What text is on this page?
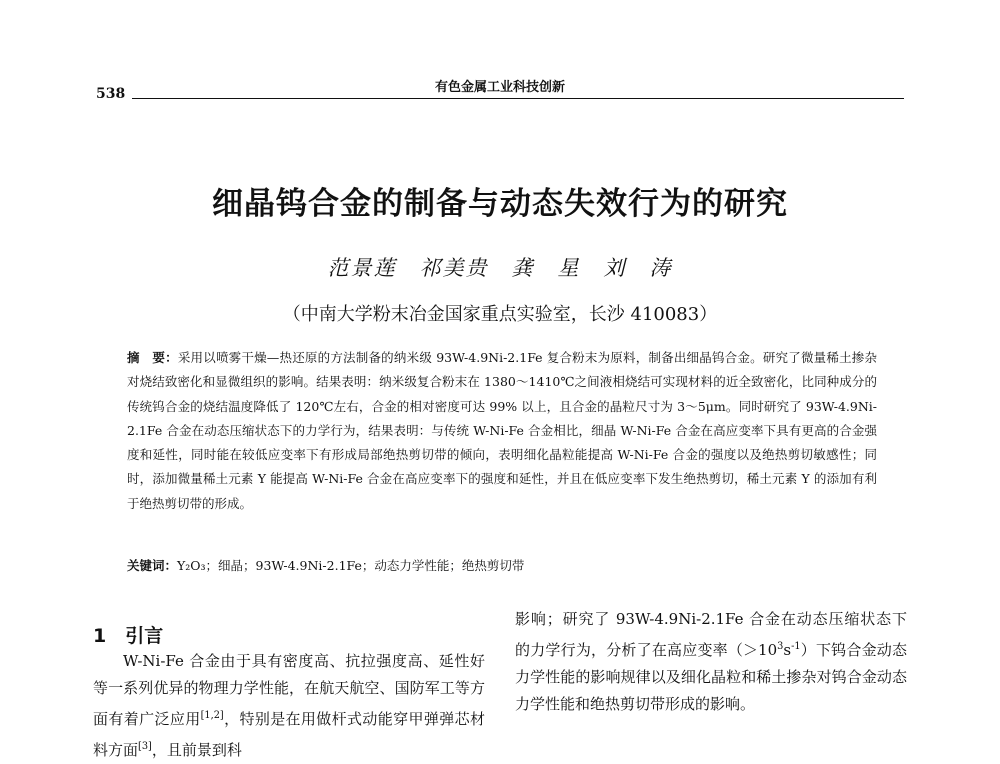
有色金属工业科技创新
538
细晶钨合金的制备与动态失效行为的研究
范景莲　祁美贵　龚　星　刘　涛
（中南大学粉末冶金国家重点实验室，长沙 410083）
摘　要：采用以喷雾干燥—热还原的方法制备的纳米级 93W-4.9Ni-2.1Fe 复合粉末为原料，制备出细晶钨合金。研究了微量稀土掺杂对烧结致密化和显微组织的影响。结果表明：纳米级复合粉末在 1380～1410℃之间液相烧结可实现材料的近全致密化，比同种成分的传统钨合金的烧结温度降低了 120℃左右，合金的相对密度可达 99% 以上，且合金的晶粒尺寸为 3～5μm。同时研究了 93W-4.9Ni-2.1Fe 合金在动态压缩状态下的力学行为，结果表明：与传统 W-Ni-Fe 合金相比，细晶 W-Ni-Fe 合金在高应变率下具有更高的合金强度和延性，同时能在较低应变率下有形成局部绝热剪切带的倾向，表明细化晶粒能提高 W-Ni-Fe 合金的强度以及绝热剪切敏感性；同时，添加微量稀土元素 Y 能提高 W-Ni-Fe 合金在高应变率下的强度和延性，并且在低应变率下发生绝热剪切，稀土元素 Y 的添加有利于绝热剪切带的形成。
关键词：Y₂O₃；细晶；93W-4.9Ni-2.1Fe；动态力学性能；绝热剪切带
1　引言
W-Ni-Fe 合金由于具有密度高、抗拉强度高、延性好等一系列优异的物理力学性能，在航天航空、国防军工等方面有着广泛应用[1,2]，特别是在用做杆式动能穿甲弹弹芯材料方面[3]，且前景到科
影响；研究了 93W-4.9Ni-2.1Fe 合金在动态压缩状态下的力学行为，分析了在高应变率$(>10^3s^{-1})$下钨合金动态力学性能的影响规律以及细化晶粒和稀土掺杂对钨合金动态力学性能和绝热剪切带形成的影响。
